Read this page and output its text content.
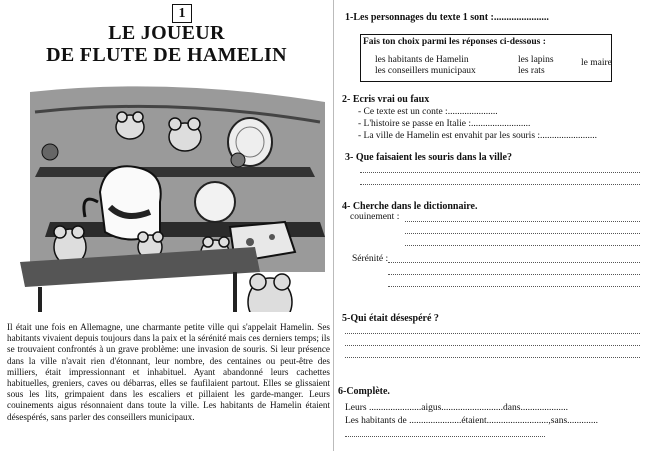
1
LE JOUEUR
DE FLUTE DE HAMELIN
Il était une fois en Allemagne, une charmante petite ville qui s'appelait Hamelin. Ses habitants vivaient depuis toujours dans la paix et la sérénité mais ces derniers temps; ils se trouvaient confrontés à un grave problème: une invasion de souris. Si leur présence dans la ville n'avait rien d'étonnant, leur nombre, des centaines ou peut-être des milliers, était impressionnant et inhabituel. Ayant abandonné leurs cachettes habituelles, greniers, caves ou débarras, elles se faufilaient partout. Elles se glissaient sous les lits, grimpaient dans les escaliers et pillaient les garde-manger. Leurs couinements aigus résonnaient dans toute la ville. Les habitants de Hamelin étaient désespérés, sans parler des conseillers municipaux.
1-Les personnages du texte 1 sont :......................
Fais ton choix parmi les réponses ci-dessous :
les habitants de Hamelin
les conseillers municipaux
les lapins
les rats
le maire
2- Ecris vrai ou faux
- Ce texte est un conte :.....................
- L'histoire se passe en Italie :.........................
- La ville de Hamelin est envahit par les souris :........................
3- Que faisaient les souris dans la ville?
4- Cherche dans le dictionnaire.
couinement :
Sérénité :
5-Qui était désespéré ?
6-Complète.
Leurs ......................aigus..........................dans....................
Les habitants de ......................étaient..........................,sans.............
